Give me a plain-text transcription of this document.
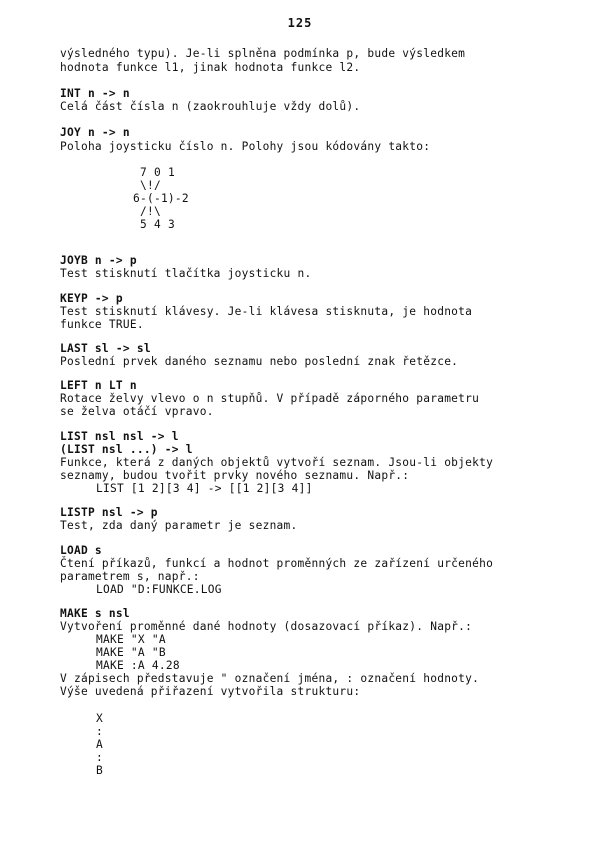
125
výsledného typu). Je-li splněna podmínka p, bude výsledkem
hodnota funkce l1, jinak hodnota funkce l2.
INT n -> n
Celá část čísla n (zaokrouhluje vždy dolů).
JOY n -> n
Poloha joysticku číslo n. Polohy jsou kódovány takto:
7 0 1
\!/
6-(-1)-2
/!\
5 4 3
JOYB n -> p
Test stisknutí tlačítka joysticku n.
KEYP -> p
Test stisknutí klávesy. Je-li klávesa stisknuta, je hodnota
funkce TRUE.
LAST sl -> sl
Poslední prvek daného seznamu nebo poslední znak řetězce.
LEFT n LT n
Rotace želvy vlevo o n stupňů. V případě záporného parametru
se želva otáčí vpravo.
LIST nsl nsl -> l
(LIST nsl ...) -> l
Funkce, která z daných objektů vytvoří seznam. Jsou-li objekty
seznamy, budou tvořit prvky nového seznamu. Např.:
LIST [1 2][3 4] -> [[1 2][3 4]]
LISTP nsl -> p
Test, zda daný parametr je seznam.
LOAD s
Čtení příkazů, funkcí a hodnot proměnných ze zařízení určeného
parametrem s, např.:
LOAD "D:FUNKCE.LOG
MAKE s nsl
Vytvoření proměnné dané hodnoty (dosazovací příkaz). Např.:
MAKE "X "A
MAKE "A "B
MAKE :A 4.28
V zápisech představuje " označení jména, : označení hodnoty.
Výše uvedená přiřazení vytvořila strukturu:
X
:
A
:
B
